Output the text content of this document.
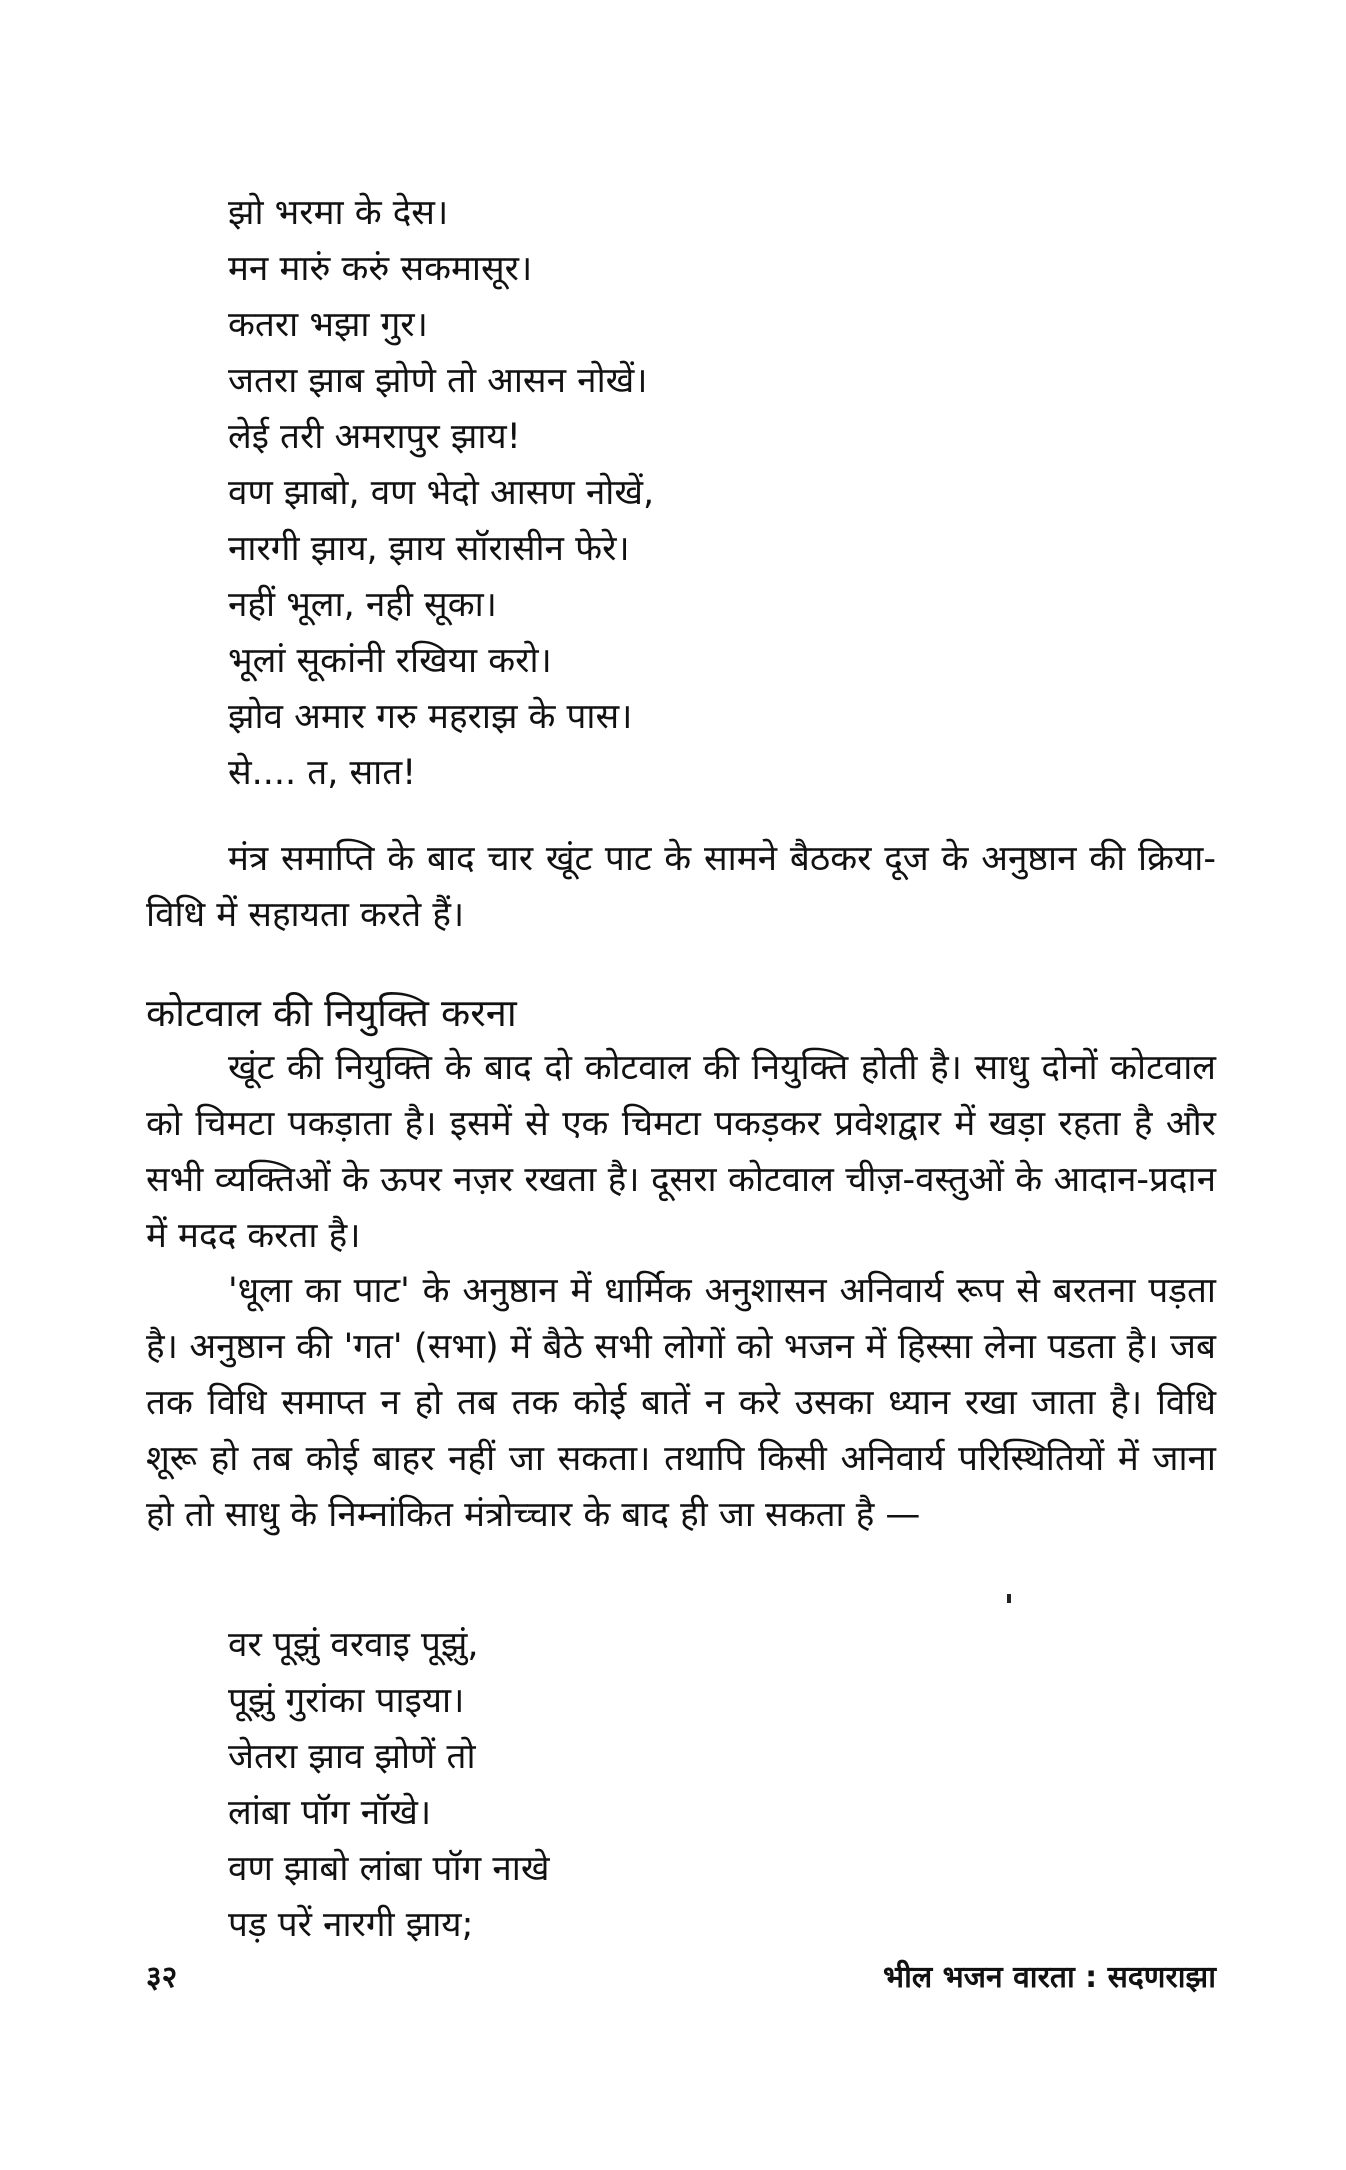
झो भरमा के देस।
मन मारुं करुं सकमासूर।
कतरा भझा गुर।
जतरा झाब झोणे तो आसन नोखें।
लेई तरी अमरापुर झाय!
वण झाबो, वण भेदो आसण नोखें,
नारगी झाय, झाय सॉरासीन फेरे।
नहीं भूला, नही सूका।
भूलां सूकांनी रखिया करो।
झोव अमार गरु महराझ के पास।
से.... त, सात!

मंत्र समाप्ति के बाद चार खूंट पाट के सामने बैठकर दूज के अनुष्ठान की क्रिया-विधि में सहायता करते हैं।

कोटवाल की नियुक्ति करना

खूंट की नियुक्ति के बाद दो कोटवाल की नियुक्ति होती है। साधु दोनों कोटवाल को चिमटा पकड़ाता है। इसमें से एक चिमटा पकड़कर प्रवेशद्वार में खड़ा रहता है और सभी व्यक्तिओं के ऊपर नज़र रखता है। दूसरा कोटवाल चीज़-वस्तुओं के आदान-प्रदान में मदद करता है।

'धूला का पाट' के अनुष्ठान में धार्मिक अनुशासन अनिवार्य रूप से बरतना पड़ता है। अनुष्ठान की 'गत' (सभा) में बैठे सभी लोगों को भजन में हिस्सा लेना पडता है। जब तक विधि समाप्त न हो तब तक कोई बातें न करे उसका ध्यान रखा जाता है। विधि शूरू हो तब कोई बाहर नहीं जा सकता। तथापि किसी अनिवार्य परिस्थितियों में जाना हो तो साधु के निम्नांकित मंत्रोच्चार के बाद ही जा सकता है —

वर पूझुं वरवाइ पूझुं,
पूझुं गुरांका पाइया।
जेतरा झाव झोणें तो
लांबा पॉग नॉखे।
वण झाबो लांबा पॉग नाखे
पड़ परें नारगी झाय;
३२	भील भजन वारता : सदणराझा
